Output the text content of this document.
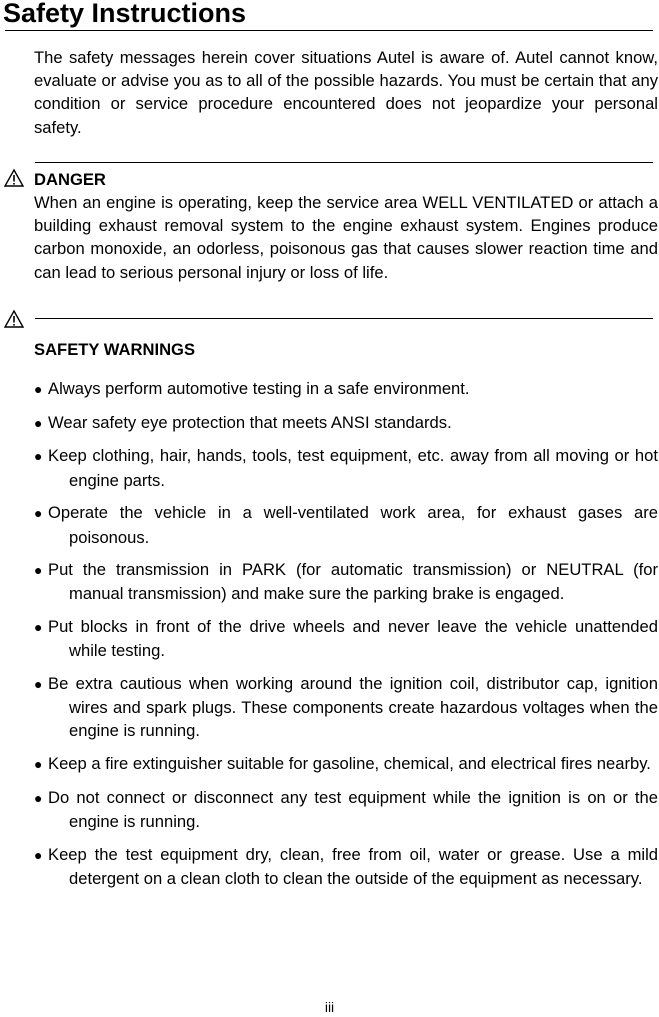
Safety Instructions
The safety messages herein cover situations Autel is aware of. Autel cannot know, evaluate or advise you as to all of the possible hazards. You must be certain that any condition or service procedure encountered does not jeopardize your personal safety.
DANGER
When an engine is operating, keep the service area WELL VENTILATED or attach a building exhaust removal system to the engine exhaust system. Engines produce carbon monoxide, an odorless, poisonous gas that causes slower reaction time and can lead to serious personal injury or loss of life.
SAFETY WARNINGS
● Always perform automotive testing in a safe environment.
● Wear safety eye protection that meets ANSI standards.
● Keep clothing, hair, hands, tools, test equipment, etc. away from all moving or hot engine parts.
● Operate the vehicle in a well-ventilated work area, for exhaust gases are poisonous.
● Put the transmission in PARK (for automatic transmission) or NEUTRAL (for manual transmission) and make sure the parking brake is engaged.
● Put blocks in front of the drive wheels and never leave the vehicle unattended while testing.
● Be extra cautious when working around the ignition coil, distributor cap, ignition wires and spark plugs. These components create hazardous voltages when the engine is running.
● Keep a fire extinguisher suitable for gasoline, chemical, and electrical fires nearby.
● Do not connect or disconnect any test equipment while the ignition is on or the engine is running.
● Keep the test equipment dry, clean, free from oil, water or grease. Use a mild detergent on a clean cloth to clean the outside of the equipment as necessary.
iii
